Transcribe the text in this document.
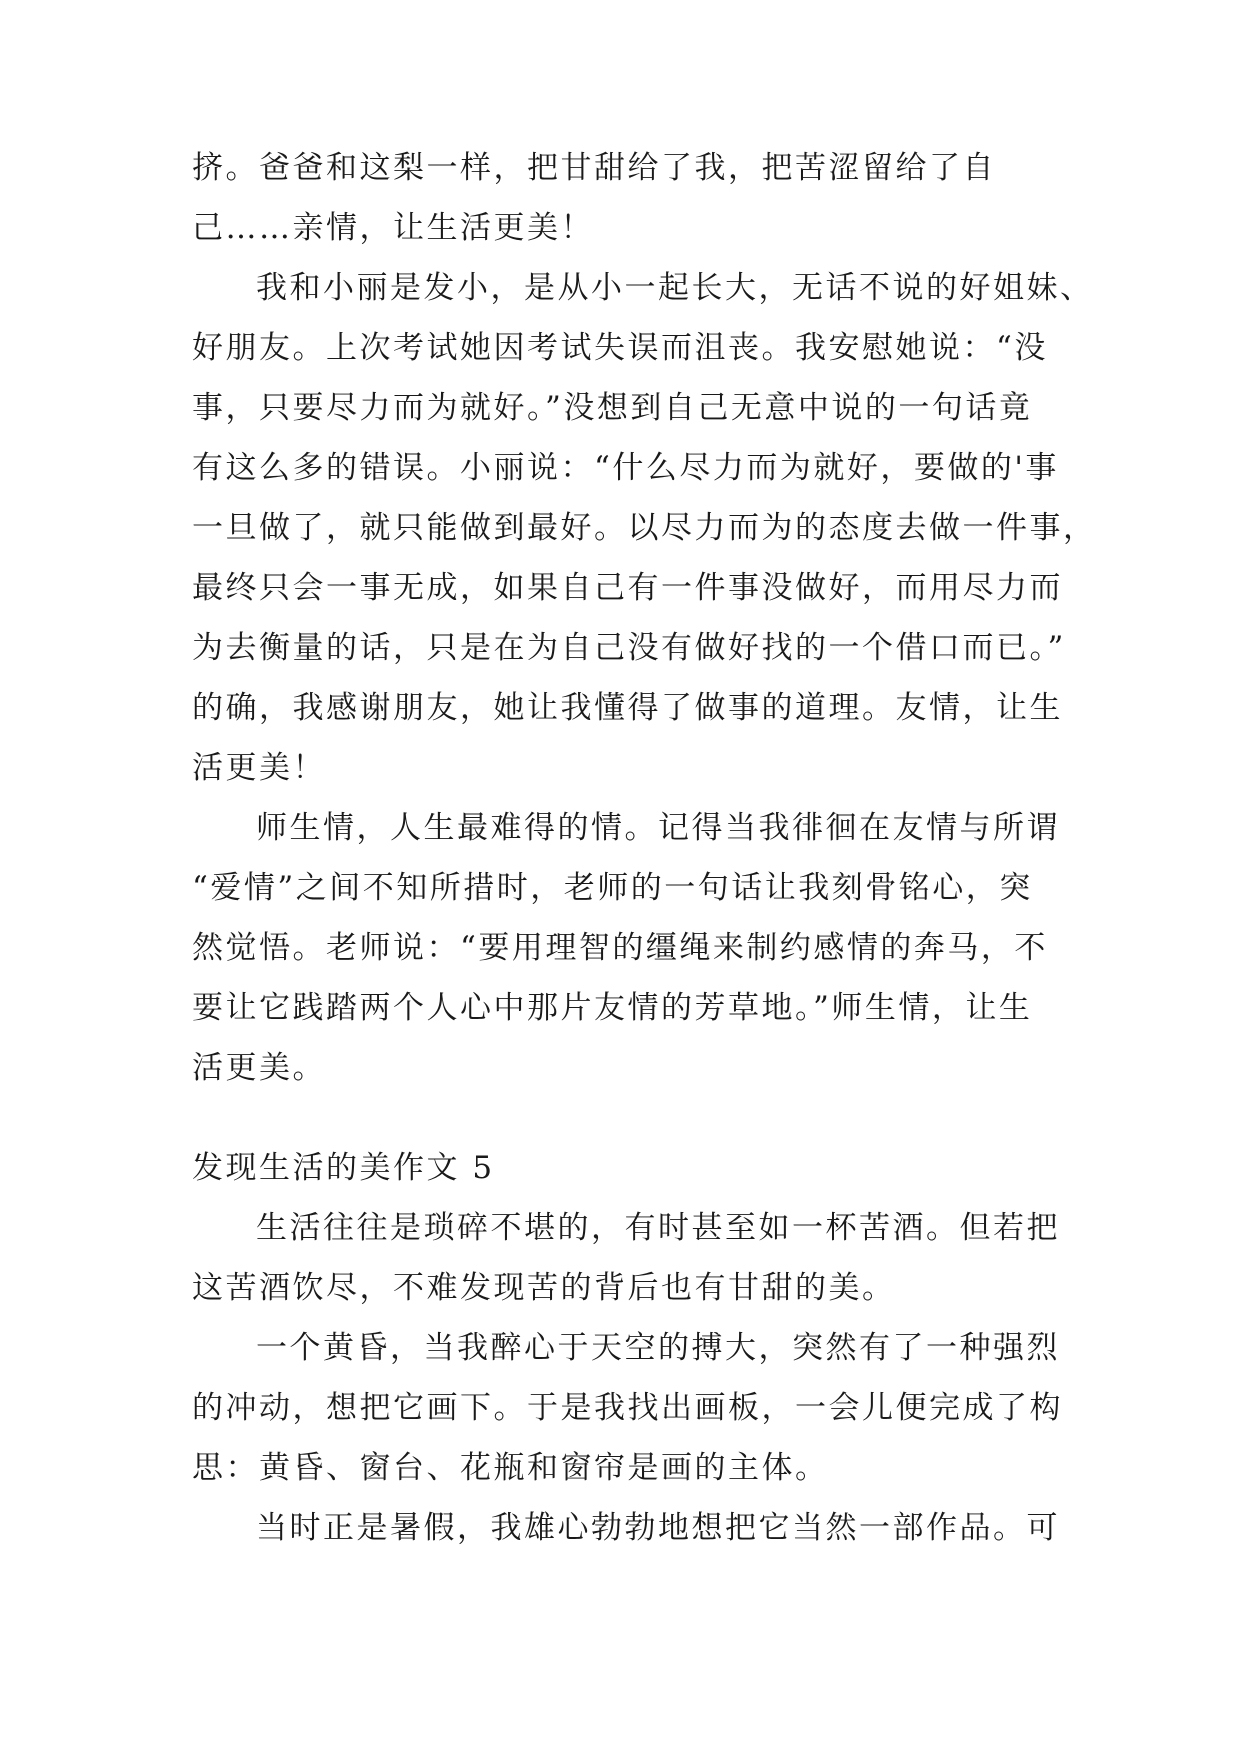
挤。爸爸和这梨一样，把甘甜给了我，把苦涩留给了自
己……亲情，让生活更美！
我和小丽是发小，是从小一起长大，无话不说的好姐妹、
好朋友。上次考试她因考试失误而沮丧。我安慰她说：“没
事，只要尽力而为就好。”没想到自己无意中说的一句话竟
有这么多的错误。小丽说：“什么尽力而为就好，要做的'事
一旦做了，就只能做到最好。以尽力而为的态度去做一件事，
最终只会一事无成，如果自己有一件事没做好，而用尽力而
为去衡量的话，只是在为自己没有做好找的一个借口而已。”
的确，我感谢朋友，她让我懂得了做事的道理。友情，让生
活更美！
师生情，人生最难得的情。记得当我徘徊在友情与所谓
“爱情”之间不知所措时，老师的一句话让我刻骨铭心，突
然觉悟。老师说：“要用理智的缰绳来制约感情的奔马，不
要让它践踏两个人心中那片友情的芳草地。”师生情，让生
活更美。
发现生活的美作文 5
生活往往是琐碎不堪的，有时甚至如一杯苦酒。但若把
这苦酒饮尽，不难发现苦的背后也有甘甜的美。
一个黄昏，当我醉心于天空的搏大，突然有了一种强烈
的冲动，想把它画下。于是我找出画板，一会儿便完成了构
思：黄昏、窗台、花瓶和窗帘是画的主体。
当时正是暑假，我雄心勃勃地想把它当然一部作品。可
